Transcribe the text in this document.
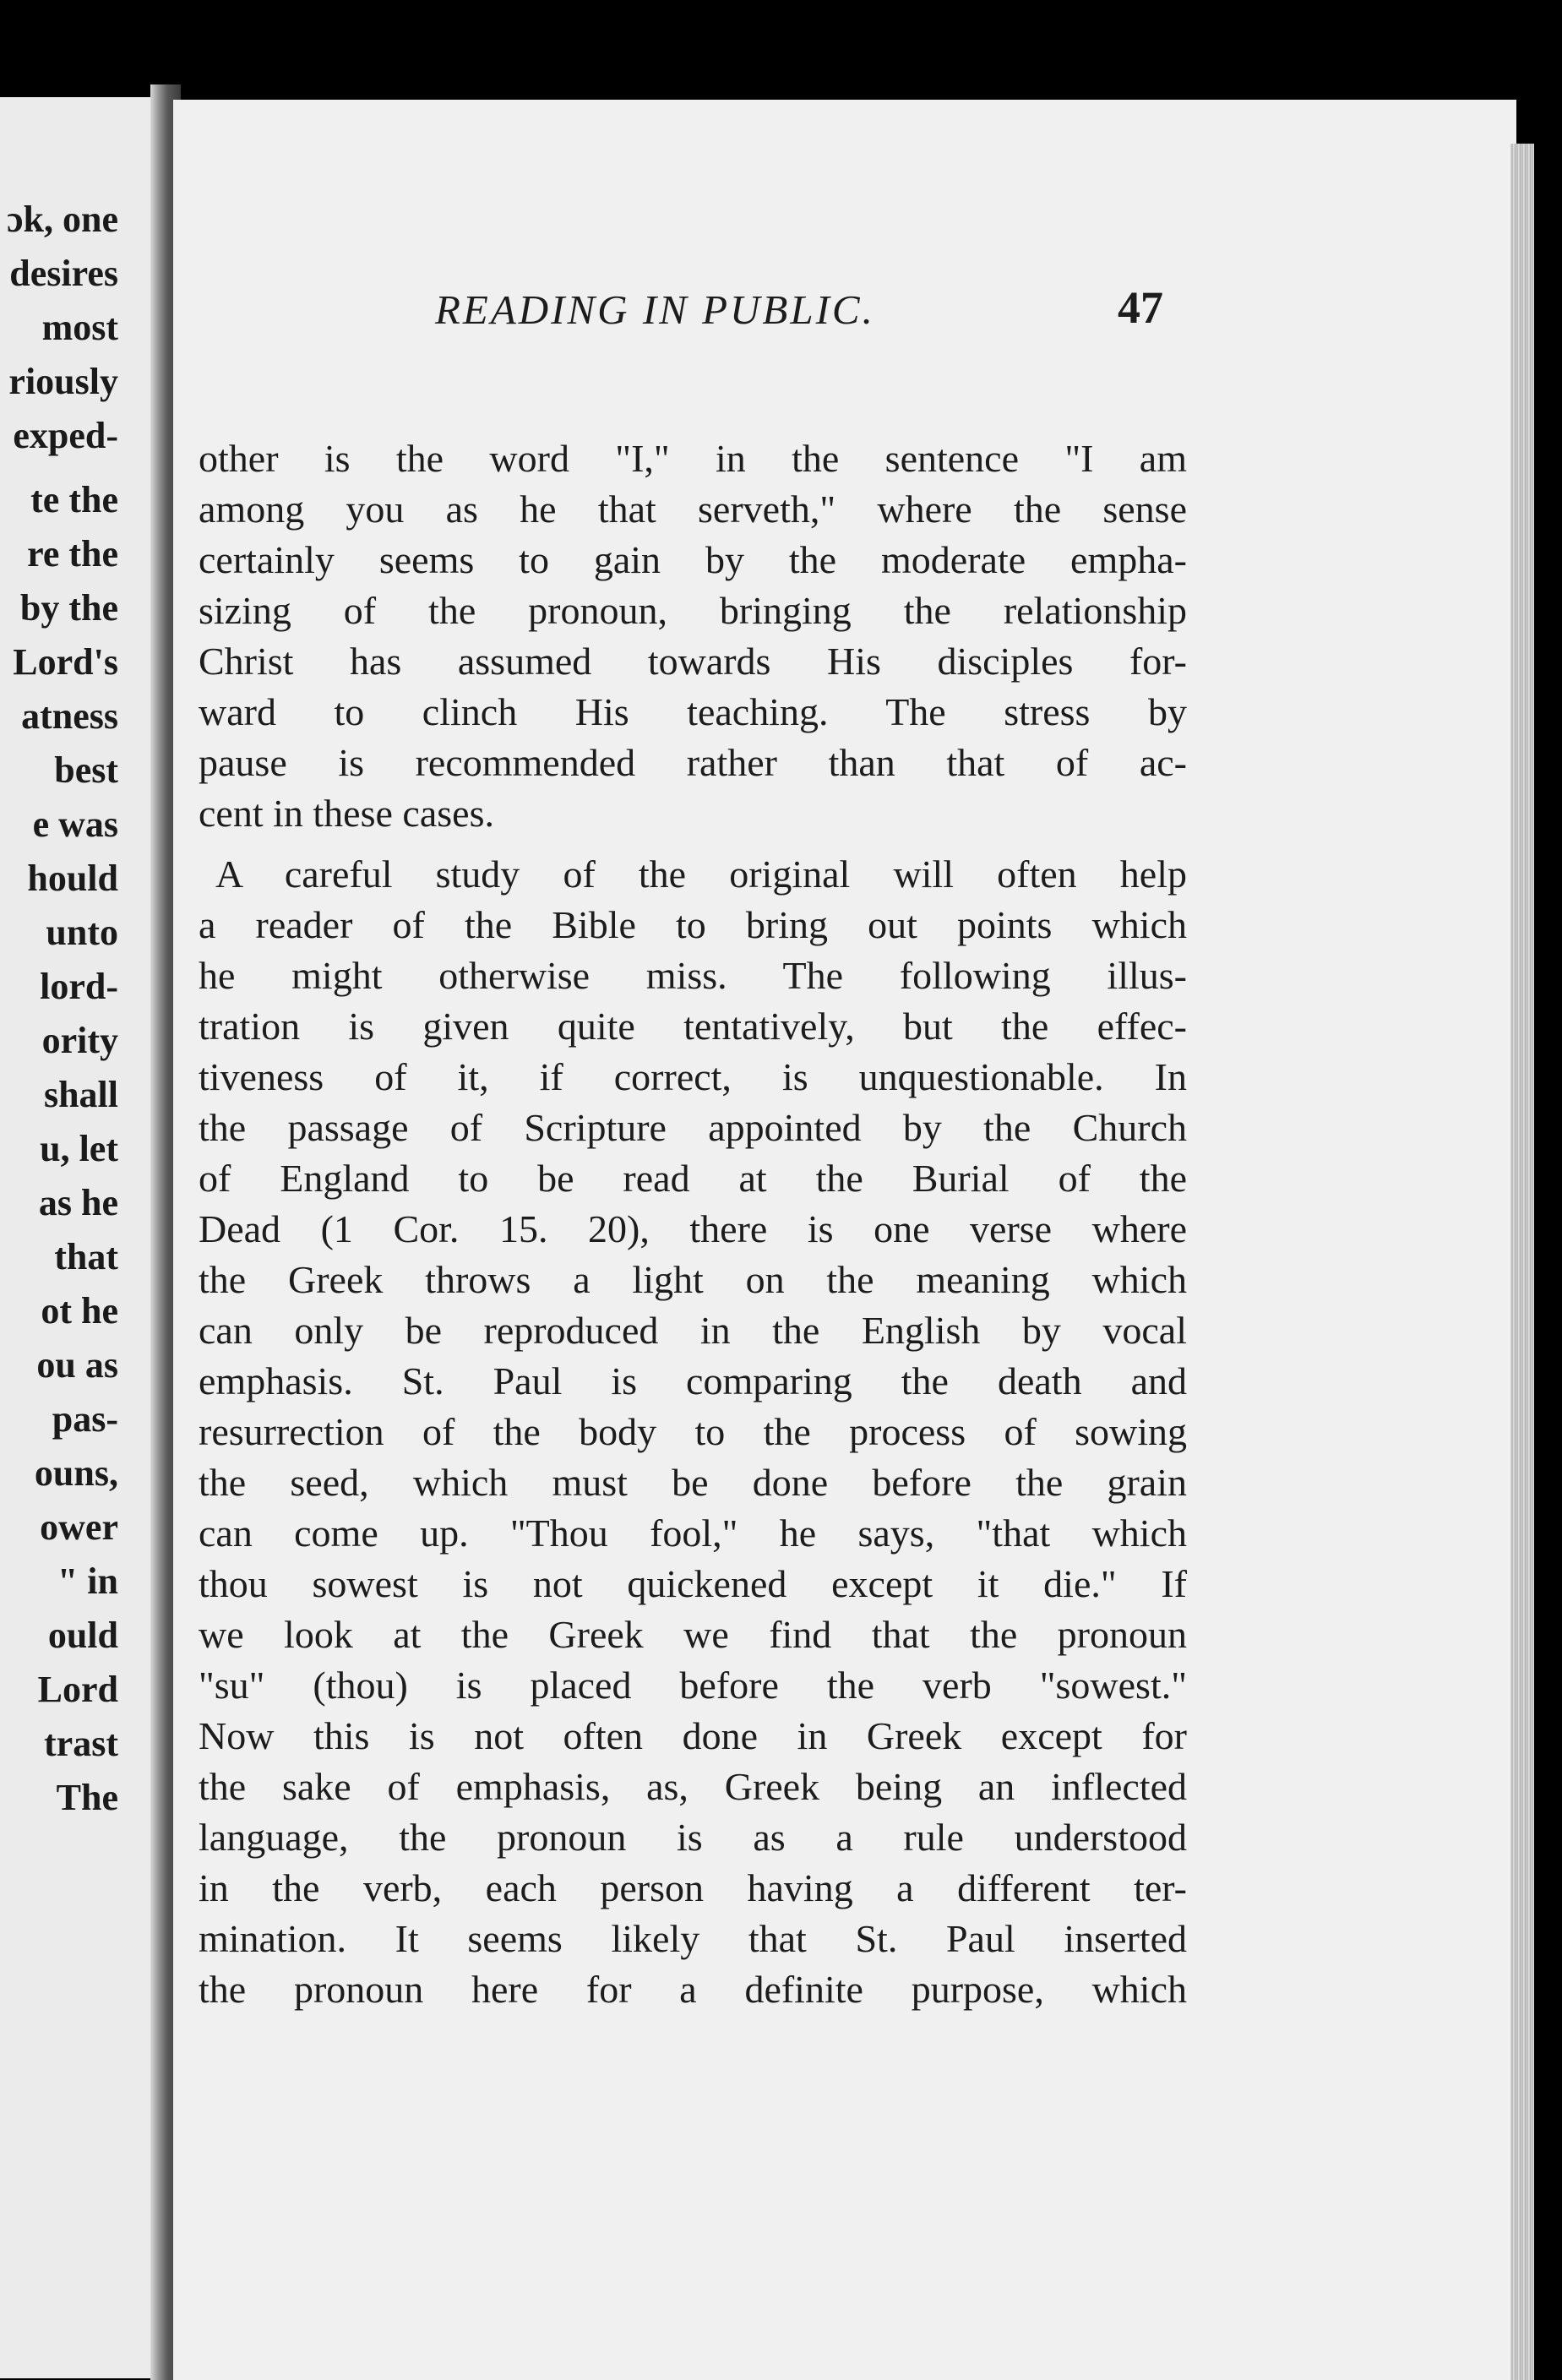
ɔk, one
desires
most
riously
exped-
te the
re the
by the
Lord's
atness
best
e was
hould
unto
lord-
ority
shall
u, let
as he
that
ot he
ou as
pas-
ouns,
ower
" in
ould
Lord
trast
The
READING IN PUBLIC.	47
other is the word "I," in the sentence "I am
among you as he that serveth," where the sense
certainly seems to gain by the moderate empha-
sizing of the pronoun, bringing the relationship
Christ has assumed towards His disciples for-
ward to clinch His teaching. The stress by
pause is recommended rather than that of ac-
cent in these cases.
A careful study of the original will often help
a reader of the Bible to bring out points which
he might otherwise miss. The following illus-
tration is given quite tentatively, but the effec-
tiveness of it, if correct, is unquestionable. In
the passage of Scripture appointed by the Church
of England to be read at the Burial of the
Dead (1 Cor. 15. 20), there is one verse where
the Greek throws a light on the meaning which
can only be reproduced in the English by vocal
emphasis. St. Paul is comparing the death and
resurrection of the body to the process of sowing
the seed, which must be done before the grain
can come up. "Thou fool," he says, "that which
thou sowest is not quickened except it die." If
we look at the Greek we find that the pronoun
"su" (thou) is placed before the verb "sowest."
Now this is not often done in Greek except for
the sake of emphasis, as, Greek being an inflected
language, the pronoun is as a rule understood
in the verb, each person having a different ter-
mination. It seems likely that St. Paul inserted
the pronoun here for a definite purpose, which
